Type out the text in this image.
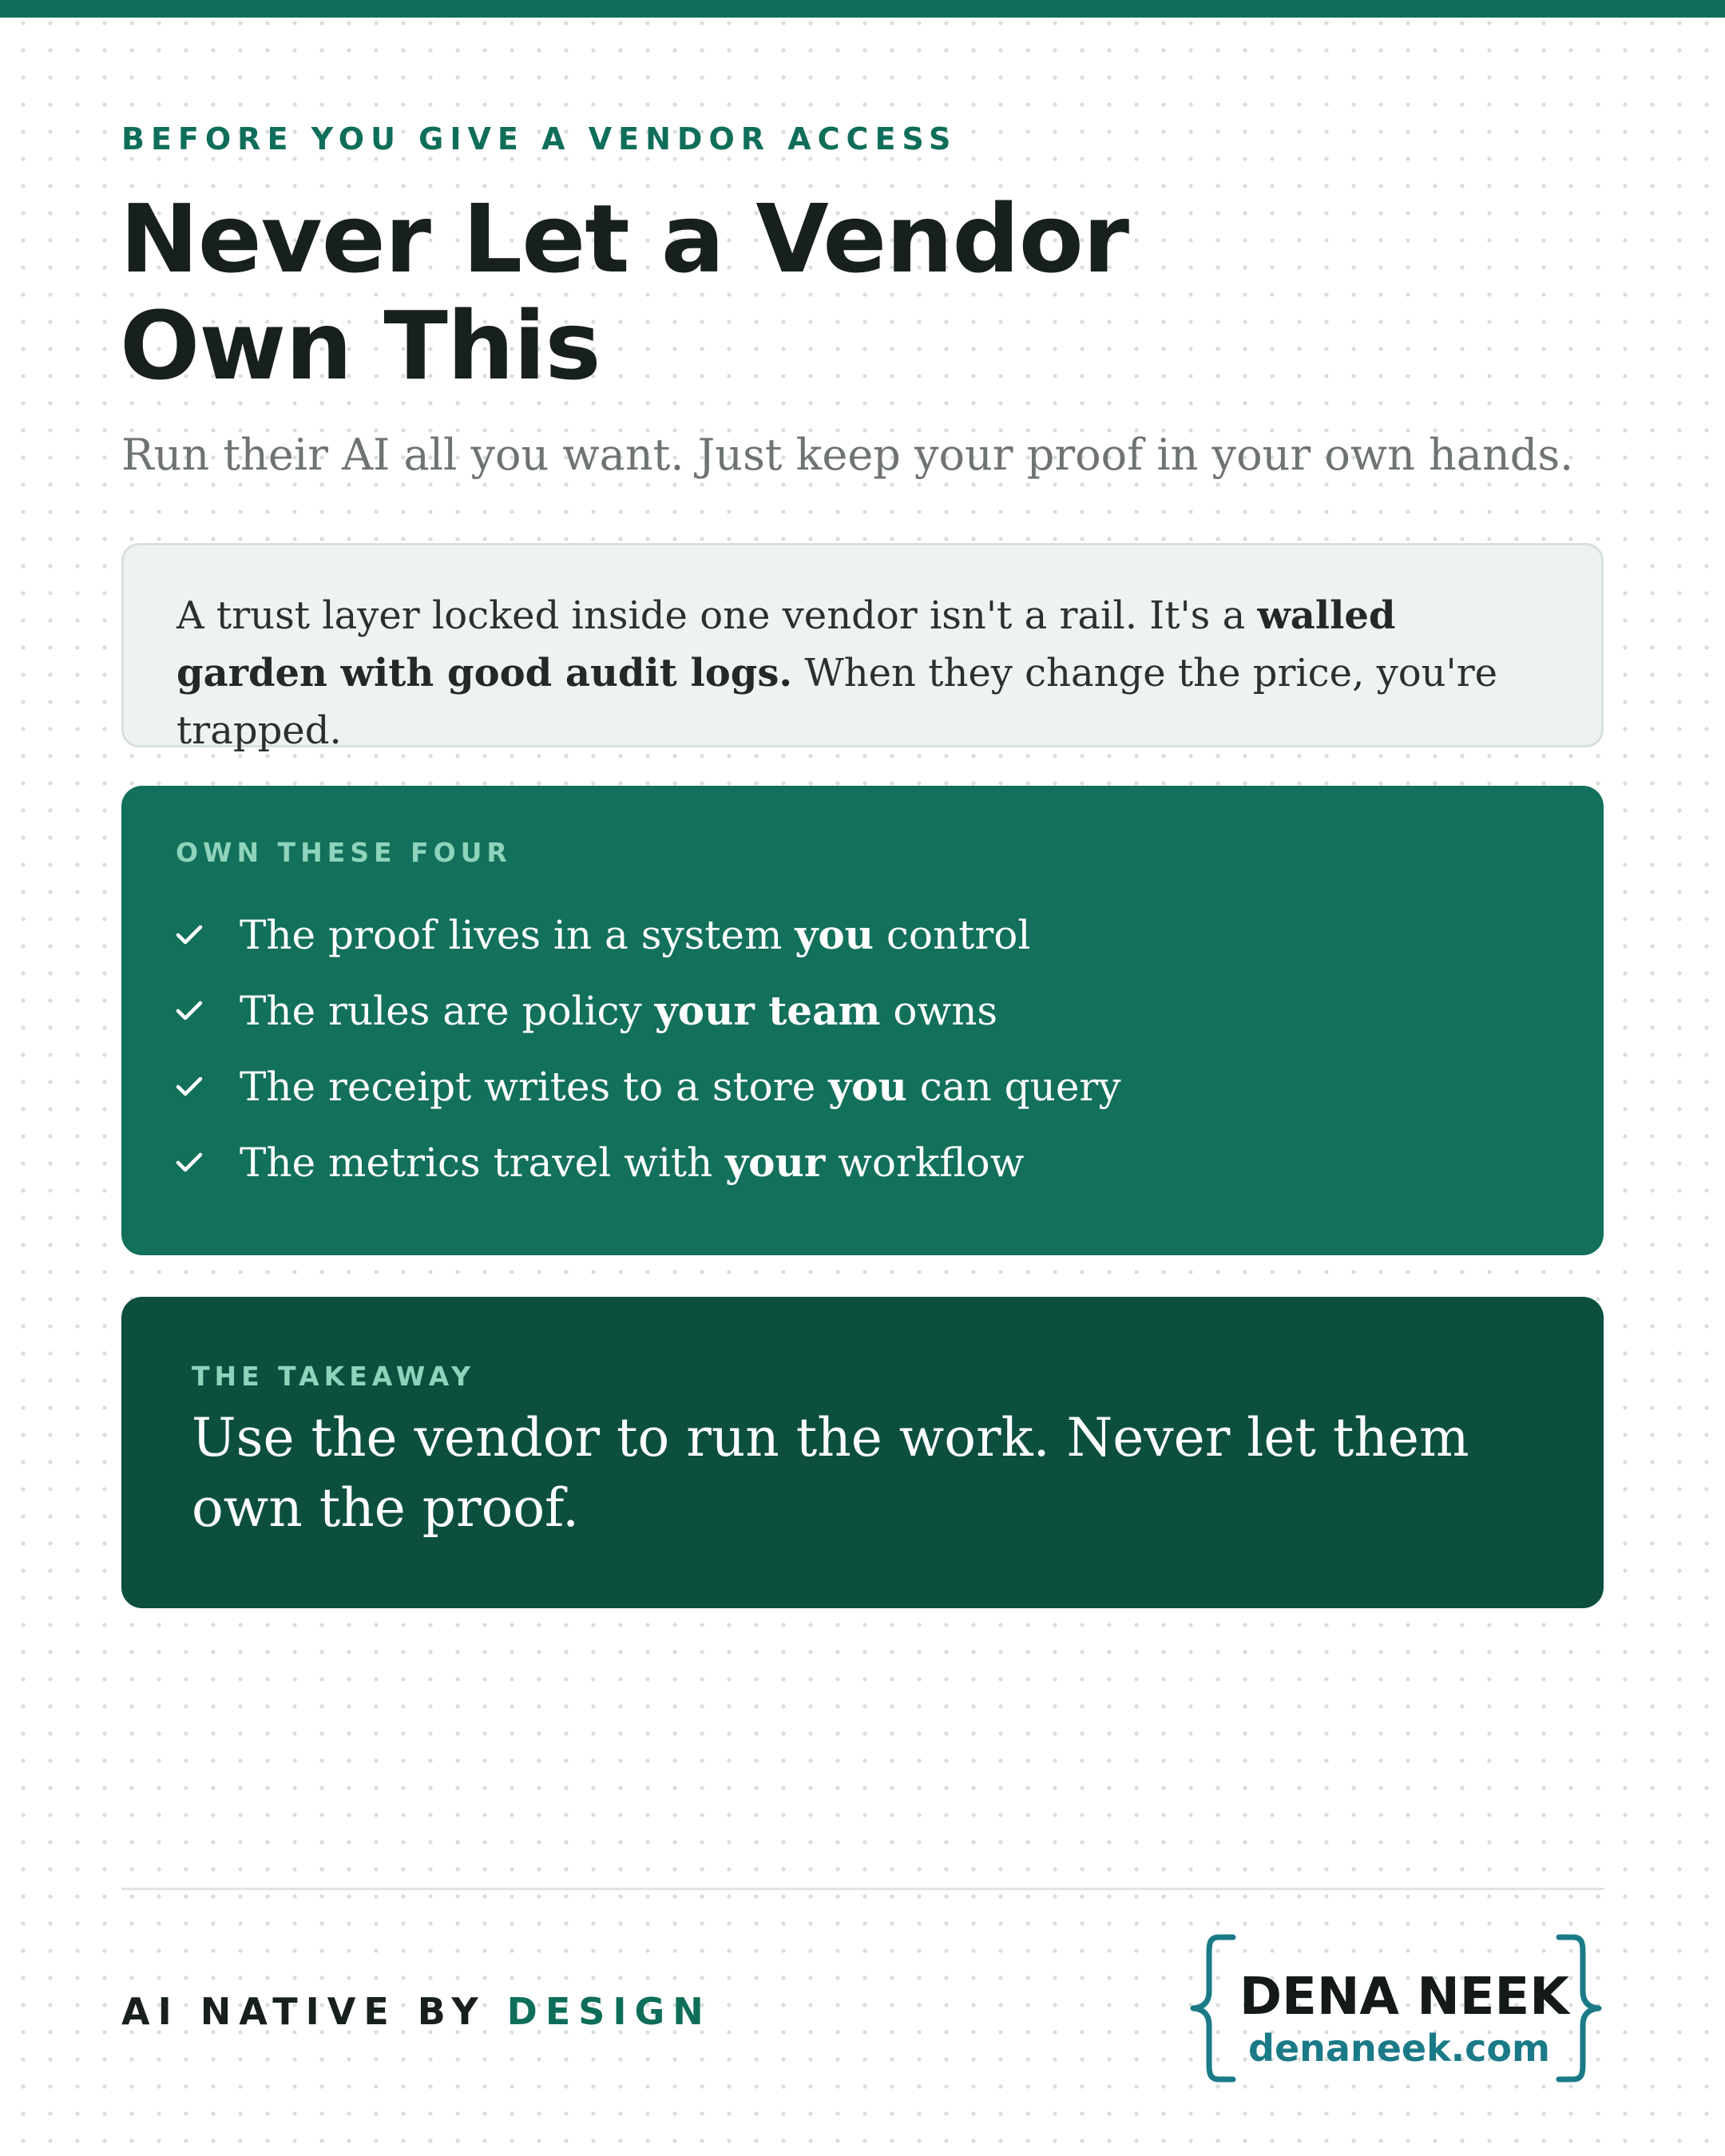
BEFORE YOU GIVE A VENDOR ACCESS
Never Let a Vendor
Own This
Run their AI all you want. Just keep your proof in your own hands.
A trust layer locked inside one vendor isn't a rail. It's a walled garden with good audit logs. When they change the price, you're trapped.
OWN THESE FOUR
The proof lives in a system you control
The rules are policy your team owns
The receipt writes to a store you can query
The metrics travel with your workflow
THE TAKEAWAY
Use the vendor to run the work. Never let them own the proof.
AI NATIVE BY DESIGN	DENA NEEK
denaneek.com
